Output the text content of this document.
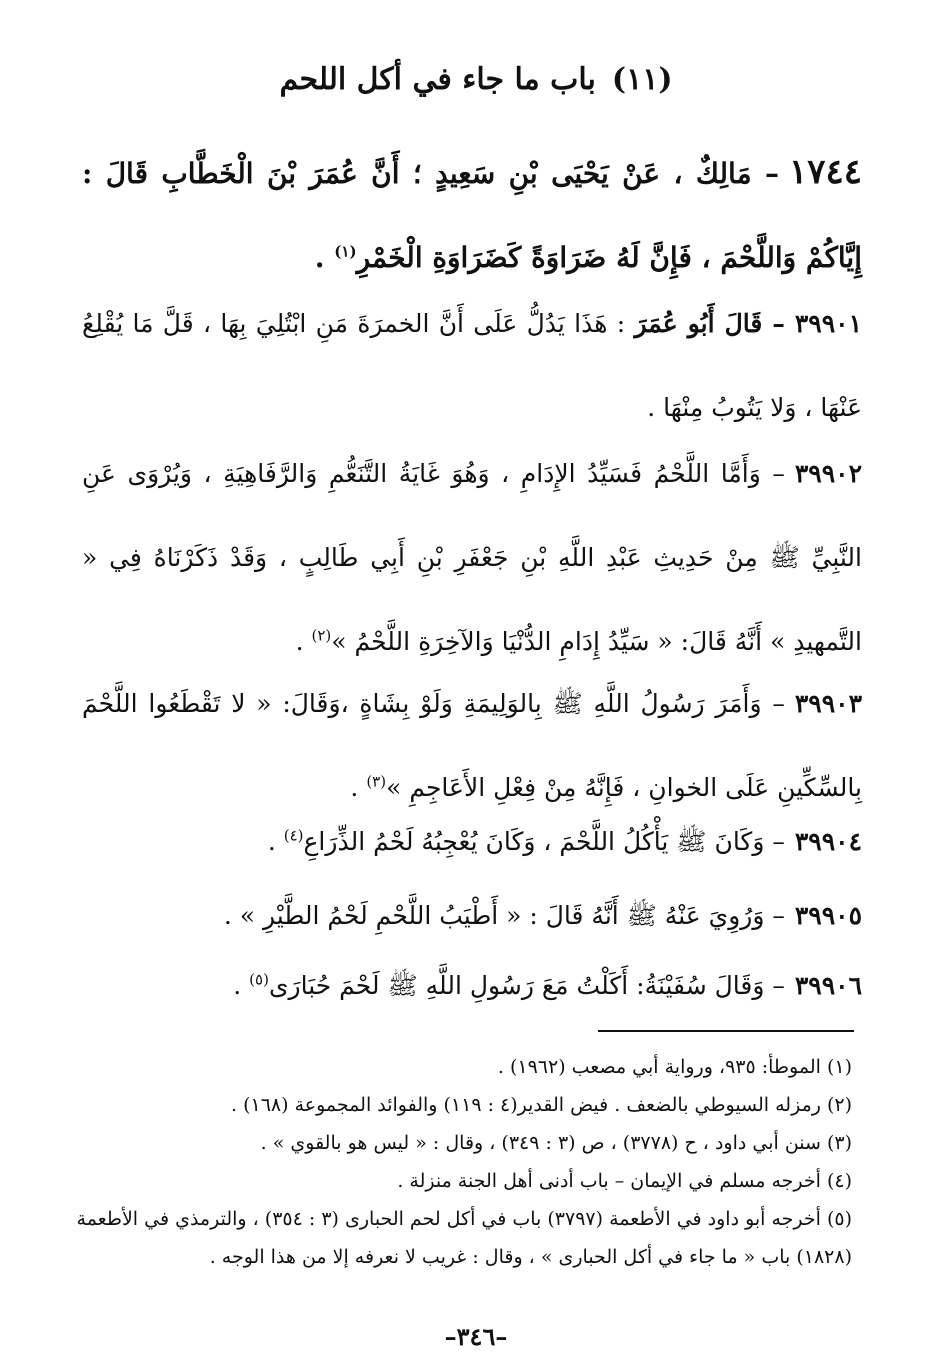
(١١)باب ما جاء في أكل اللحم

١٧٤٤– مَالِكٌ ، عَنْ يَحْيَى بْنِ سَعِيدٍ ؛ أَنَّ عُمَرَ بْنَ الْخَطَّابِ قَالَ : إِيَّاكُمْ وَاللَّحْمَ ، فَإِنَّ لَهُ ضَرَاوَةً كَضَرَاوَةِ الْخَمْرِ$^{(١)}$ .

٣٩٩٠١– قَالَ أَبُو عُمَرَ : هَذَا يَدُلُّ عَلَى أَنَّ الخمرَةَ مَنِ ابْتُلِيَ بِهَا ، قَلَّ مَا يُقْلِعُ عَنْهَا ، وَلا يَتُوبُ مِنْهَا .

٣٩٩٠٢– وَأَمَّا اللَّحْمُ فَسَيِّدُ الإِدَامِ ، وَهُوَ غَايَةُ التَّنَعُّمِ وَالرَّفَاهِيَةِ ، وَيُرْوَى عَنِ النَّبِيِّ ﷺ مِنْ حَدِيثِ عَبْدِ اللَّهِ بْنِ جَعْفَرِ بْنِ أَبِي طَالِبٍ ، وَقَدْ ذَكَرْنَاهُ فِي « التَّمهيدِ » أَنَّهُ قَالَ: « سَيِّدُ إِدَامِ الدُّنْيَا وَالآخِرَةِ اللَّحْمُ »$^{(٢)}$ .

٣٩٩٠٣– وَأَمَرَ رَسُولُ اللَّهِ ﷺ بِالوَلِيمَةِ وَلَوْ بِشَاةٍ ،وَقَالَ: « لا تَقْطَعُوا اللَّحْمَ بِالسِّكِّينِ عَلَى الخوانِ ، فَإِنَّهُ مِنْ فِعْلِ الأَعَاجِمِ »$^{(٣)}$ .

٣٩٩٠٤– وَكَانَ ﷺ يَأْكُلُ اللَّحْمَ ، وَكَانَ يُعْجِبُهُ لَحْمُ الذِّرَاعِ$^{(٤)}$ .

٣٩٩٠٥– وَرُوِيَ عَنْهُ ﷺ أَنَّهُ قَالَ : « أَطْيَبُ اللَّحْمِ لَحْمُ الطَّيْرِ » .

٣٩٩٠٦– وَقَالَ سُفَيْنَةُ: أَكَلْتُ مَعَ رَسُولِ اللَّهِ ﷺ لَحْمَ حُبَارَى$^{(٥)}$ .

(١)الموطأ: ٩٣٥، ورواية أبي مصعب (١٩٦٢) .

(٢)رمزله السيوطي بالضعف . فيض القدير(٤ : ١١٩) والفوائد المجموعة (١٦٨) .

(٣)سنن أبي داود ، ح (٣٧٧٨) ، ص (٣ : ٣٤٩) ، وقال : « ليس هو بالقوي » .

(٤)أخرجه مسلم في الإيمان – باب أدنى أهل الجنة منزلة .

(٥)أخرجه أبو داود في الأطعمة (٣٧٩٧) باب في أكل لحم الحبارى (٣ : ٣٥٤) ، والترمذي في الأطعمة (١٨٢٨) باب « ما جاء في أكل الحبارى » ، وقال : غريب لا نعرفه إلا من هذا الوجه .

–٣٤٦–
